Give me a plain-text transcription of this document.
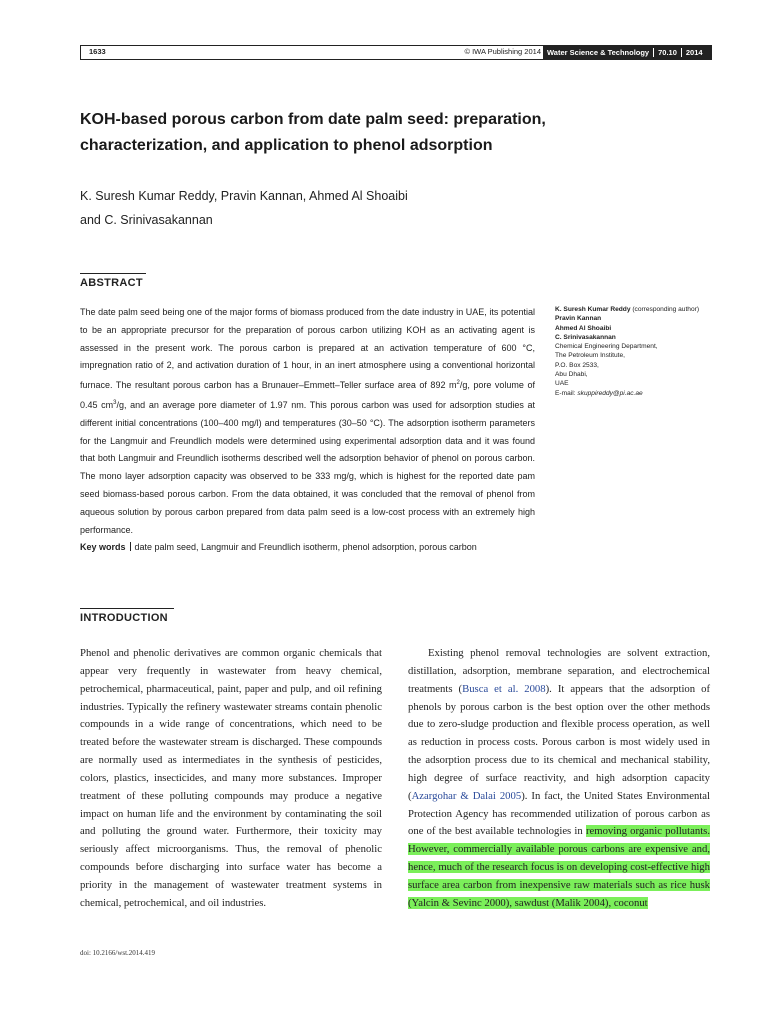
1633	© IWA Publishing 2014 Water Science & Technology 70.10 2014
KOH-based porous carbon from date palm seed: preparation, characterization, and application to phenol adsorption
K. Suresh Kumar Reddy, Pravin Kannan, Ahmed Al Shoaibi
and C. Srinivasakannan
ABSTRACT
The date palm seed being one of the major forms of biomass produced from the date industry in UAE, its potential to be an appropriate precursor for the preparation of porous carbon utilizing KOH as an activating agent is assessed in the present work. The porous carbon is prepared at an activation temperature of 600 °C, impregnation ratio of 2, and activation duration of 1 hour, in an inert atmosphere using a conventional horizontal furnace. The resultant porous carbon has a Brunauer–Emmett–Teller surface area of 892 $m^2/g$, pore volume of 0.45 $cm^3/g$, and an average pore diameter of 1.97 nm. This porous carbon was used for adsorption studies at different initial concentrations (100–400 mg/l) and temperatures (30–50 °C). The adsorption isotherm parameters for the Langmuir and Freundlich models were determined using experimental adsorption data and it was found that both Langmuir and Freundlich isotherms described well the adsorption behavior of phenol on porous carbon. The mono layer adsorption capacity was observed to be 333 mg/g, which is highest for the reported date pam seed biomass-based porous carbon. From the data obtained, it was concluded that the removal of phenol from aqueous solution by porous carbon prepared from data palm seed is a low-cost process with an extremely high performance.
Key words date palm seed, Langmuir and Freundlich isotherm, phenol adsorption, porous carbon
K. Suresh Kumar Reddy (corresponding author)
Pravin Kannan
Ahmed Al Shoaibi
C. Srinivasakannan
Chemical Engineering Department,
The Petroleum Institute,
P.O. Box 2533,
Abu Dhabi,
UAE
E-mail: skuppireddy@pi.ac.ae
INTRODUCTION

Phenol and phenolic derivatives are common organic chemicals that appear very frequently in wastewater from heavy chemical, petrochemical, pharmaceutical, paint, paper and pulp, and oil refining industries. Typically the refinery wastewater streams contain phenolic compounds in a wide range of concentrations, which need to be treated before the wastewater stream is discharged. These compounds are normally used as intermediates in the synthesis of pesticides, colors, plastics, insecticides, and many more substances. Improper treatment of these polluting compounds may produce a negative impact on human life and the environment by contaminating the soil and polluting the ground water. Furthermore, their toxicity may seriously affect microorganisms. Thus, the removal of phenolic compounds before discharging into surface water has become a priority in the management of wastewater treatment systems in chemical, petrochemical, and oil industries.

Existing phenol removal technologies are solvent extraction, distillation, adsorption, membrane separation, and electrochemical treatments (Busca et al. 2008). It appears that the adsorption of phenols by porous carbon is the best option over the other methods due to zero-sludge production and flexible process operation, as well as reduction in process costs. Porous carbon is most widely used in the adsorption process due to its chemical and mechanical stability, high degree of surface reactivity, and high adsorption capacity (Azargohar & Dalai 2005). In fact, the United States Environmental Protection Agency has recommended utilization of porous carbon as one of the best available technologies in removing organic pollutants. However, commercially available porous carbons are expensive and, hence, much of the research focus is on developing cost-effective high surface area carbon from inexpensive raw materials such as rice husk (Yalcin & Sevinc 2000), sawdust (Malik 2004), coconut

doi: 10.2166/wst.2014.419
